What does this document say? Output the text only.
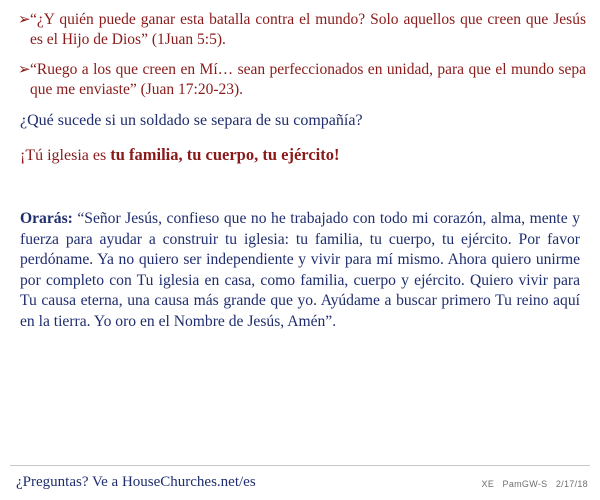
➢ “¿Y quién puede ganar esta batalla contra el mundo? Solo aquellos que creen que Jesús es el Hijo de Dios” (1Juan 5:5).
➢ “Ruego a los que creen en Mí… sean perfeccionados en unidad, para que el mundo sepa que me enviaste” (Juan 17:20-23).
¿Qué sucede si un soldado se separa de su compañía?
¡Tú iglesia es tu familia, tu cuerpo, tu ejército!
Orarás: “Señor Jesús, confieso que no he trabajado con todo mi corazón, alma, mente y fuerza para ayudar a construir tu iglesia: tu familia, tu cuerpo, tu ejército. Por favor perdóname. Ya no quiero ser independiente y vivir para mí mismo. Ahora quiero unirme por completo con Tu iglesia en casa, como familia, cuerpo y ejército. Quiero vivir para Tu causa eterna, una causa más grande que yo. Ayúdame a buscar primero Tu reino aquí en la tierra. Yo oro en el Nombre de Jesús, Amén”.
¿Preguntas? Ve a HouseChurches.net/es	XE   PamGW-S   2/17/18
